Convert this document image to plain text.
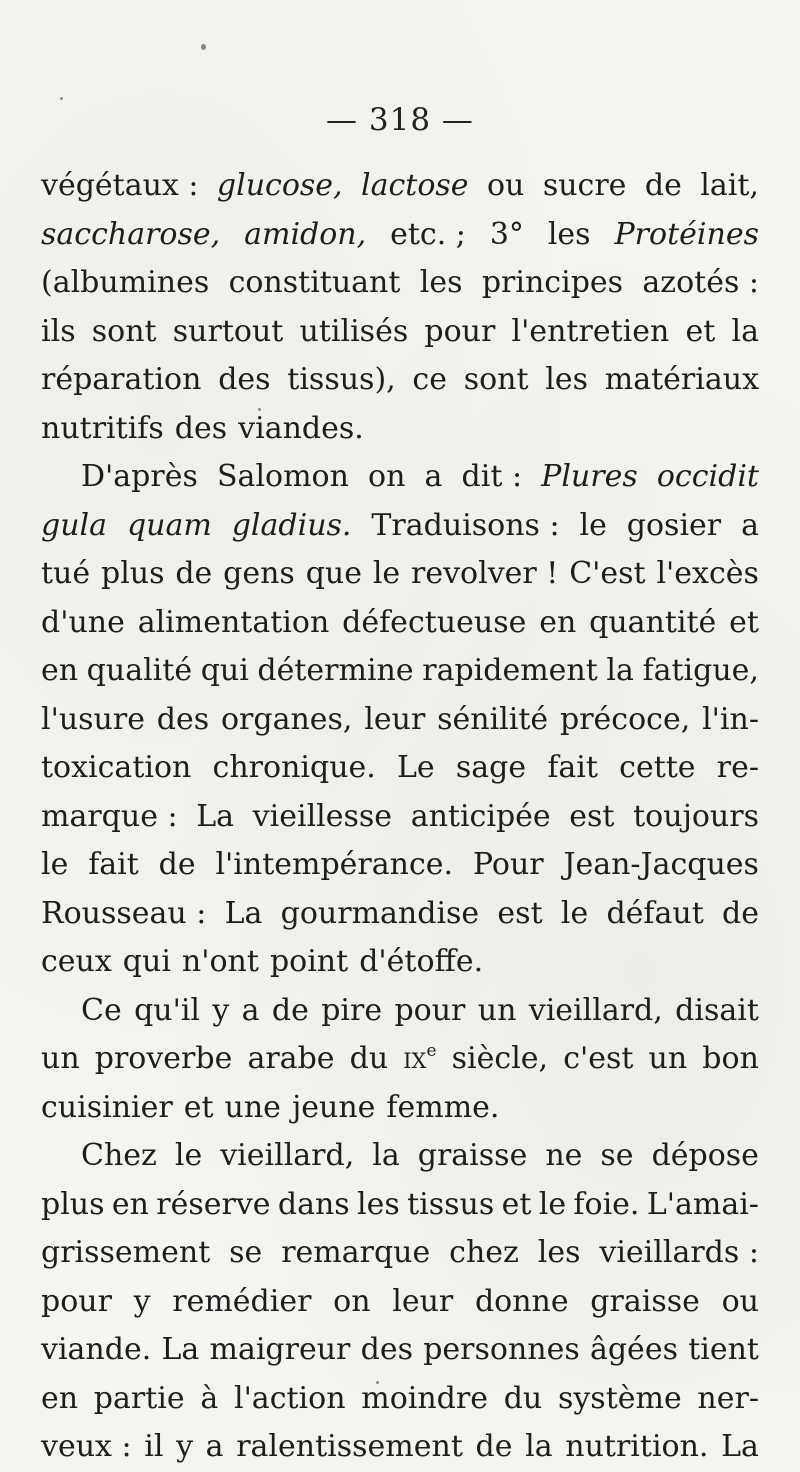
— 318 —
végétaux : glucose, lactose ou sucre de lait,
saccharose, amidon, etc. ; 3° les Protéines
(albumines constituant les principes azotés :
ils sont surtout utilisés pour l'entretien et la
réparation des tissus), ce sont les matériaux
nutritifs des viandes.
D'après Salomon on a dit : Plures occidit
gula quam gladius. Traduisons : le gosier a
tué plus de gens que le revolver ! C'est l'excès
d'une alimentation défectueuse en quantité et
en qualité qui détermine rapidement la fatigue,
l'usure des organes, leur sénilité précoce, l'in-
toxication chronique. Le sage fait cette re-
marque : La vieillesse anticipée est toujours
le fait de l'intempérance. Pour Jean-Jacques
Rousseau : La gourmandise est le défaut de
ceux qui n'ont point d'étoffe.
Ce qu'il y a de pire pour un vieillard, disait
un proverbe arabe du $ix^e$ siècle, c'est un bon
cuisinier et une jeune femme.
Chez le vieillard, la graisse ne se dépose
plus en réserve dans les tissus et le foie. L'amai-
grissement se remarque chez les vieillards :
pour y remédier on leur donne graisse ou
viande. La maigreur des personnes âgées tient
en partie à l'action moindre du système ner-
veux : il y a ralentissement de la nutrition. La
